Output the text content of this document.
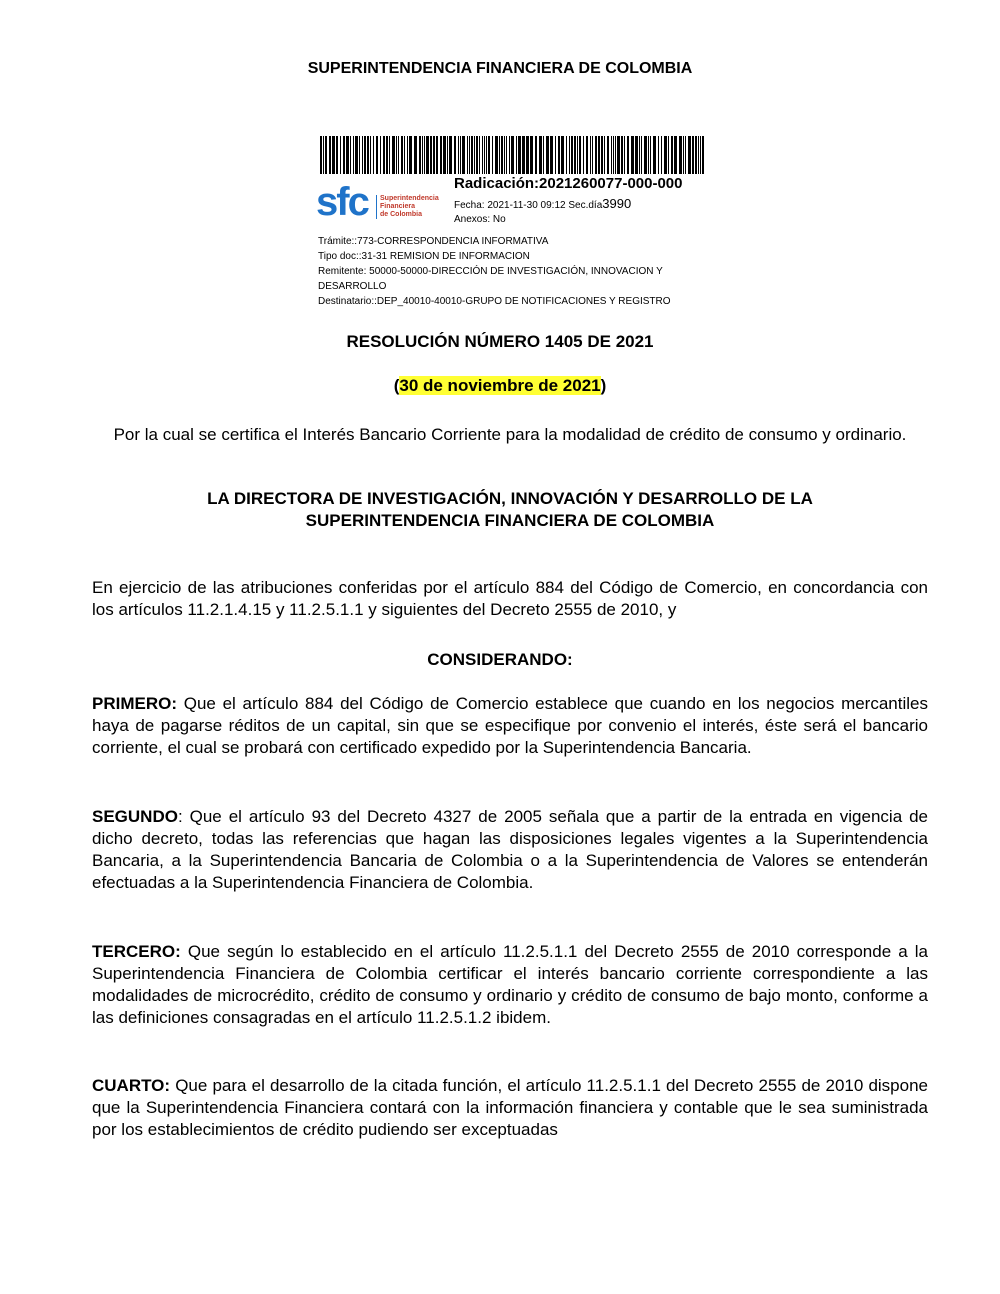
SUPERINTENDENCIA FINANCIERA DE COLOMBIA
sfc Superintendencia
Financiera
de Colombia
Radicación:2021260077-000-000
Fecha: 2021-11-30 09:12 Sec.día3990
Anexos: No
Trámite::773-CORRESPONDENCIA INFORMATIVA
Tipo doc::31-31 REMISION DE INFORMACION
Remitente: 50000-50000-DIRECCIÓN DE INVESTIGACIÓN, INNOVACION Y
DESARROLLO
Destinatario::DEP_40010-40010-GRUPO DE NOTIFICACIONES Y REGISTRO
RESOLUCIÓN NÚMERO 1405 DE 2021
(30 de noviembre de 2021)
Por la cual se certifica el Interés Bancario Corriente para la modalidad de crédito de consumo y ordinario.
LA DIRECTORA DE INVESTIGACIÓN, INNOVACIÓN Y DESARROLLO DE LA
SUPERINTENDENCIA FINANCIERA DE COLOMBIA
En ejercicio de las atribuciones conferidas por el artículo 884 del Código de Comercio, en concordancia con los artículos 11.2.1.4.15 y 11.2.5.1.1 y siguientes del Decreto 2555 de 2010, y
CONSIDERANDO:
PRIMERO: Que el artículo 884 del Código de Comercio establece que cuando en los negocios mercantiles haya de pagarse réditos de un capital, sin que se especifique por convenio el interés, éste será el bancario corriente, el cual se probará con certificado expedido por la Superintendencia Bancaria.
SEGUNDO: Que el artículo 93 del Decreto 4327 de 2005 señala que a partir de la entrada en vigencia de dicho decreto, todas las referencias que hagan las disposiciones legales vigentes a la Superintendencia Bancaria, a la Superintendencia Bancaria de Colombia o a la Superintendencia de Valores se entenderán efectuadas a la Superintendencia Financiera de Colombia.
TERCERO: Que según lo establecido en el artículo 11.2.5.1.1 del Decreto 2555 de 2010 corresponde a la Superintendencia Financiera de Colombia certificar el interés bancario corriente correspondiente a las modalidades de microcrédito, crédito de consumo y ordinario y crédito de consumo de bajo monto, conforme a las definiciones consagradas en el artículo 11.2.5.1.2 ibidem.
CUARTO: Que para el desarrollo de la citada función, el artículo 11.2.5.1.1 del Decreto 2555 de 2010 dispone que la Superintendencia Financiera contará con la información financiera y contable que le sea suministrada por los establecimientos de crédito pudiendo ser exceptuadas
